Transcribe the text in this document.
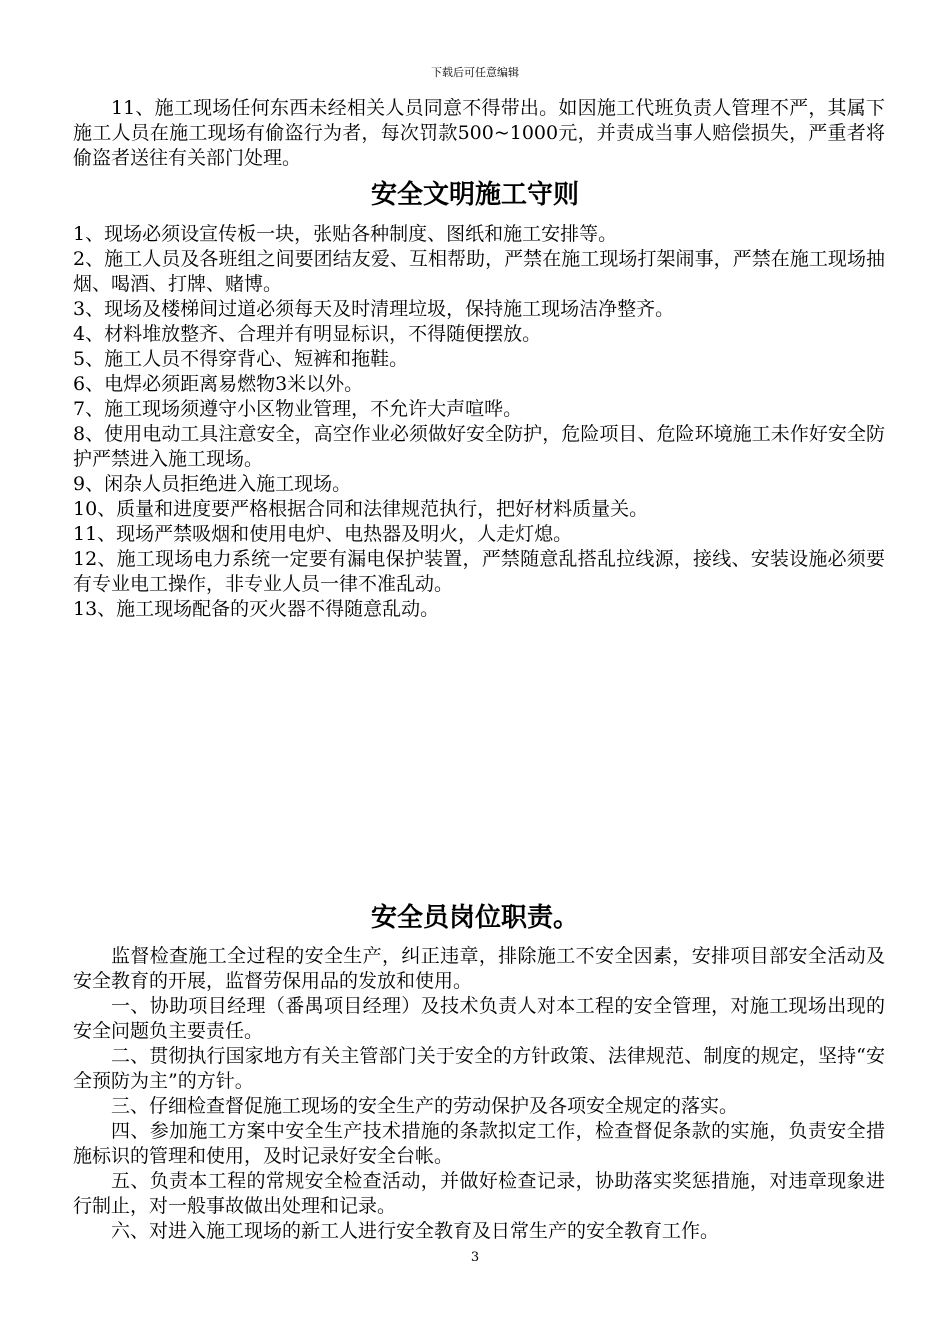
下载后可任意编辑

11、施工现场任何东西未经相关人员同意不得带出。如因施工代班负责人管理不严，其属下施工人员在施工现场有偷盗行为者，每次罚款500~1000元，并责成当事人赔偿损失，严重者将偷盗者送往有关部门处理。

安全文明施工守则

1、现场必须设宣传板一块，张贴各种制度、图纸和施工安排等。

2、施工人员及各班组之间要团结友爱、互相帮助，严禁在施工现场打架闹事，严禁在施工现场抽烟、喝酒、打牌、赌博。

3、现场及楼梯间过道必须每天及时清理垃圾，保持施工现场洁净整齐。

4、材料堆放整齐、合理并有明显标识，不得随便摆放。

5、施工人员不得穿背心、短裤和拖鞋。

6、电焊必须距离易燃物3米以外。

7、施工现场须遵守小区物业管理，不允许大声喧哗。

8、使用电动工具注意安全，高空作业必须做好安全防护，危险项目、危险环境施工未作好安全防护严禁进入施工现场。

9、闲杂人员拒绝进入施工现场。

10、质量和进度要严格根据合同和法律规范执行，把好材料质量关。

11、现场严禁吸烟和使用电炉、电热器及明火，人走灯熄。

12、施工现场电力系统一定要有漏电保护装置，严禁随意乱搭乱拉线源，接线、安装设施必须要有专业电工操作，非专业人员一律不准乱动。

13、施工现场配备的灭火器不得随意乱动。

安全员岗位职责。

监督检查施工全过程的安全生产，纠正违章，排除施工不安全因素，安排项目部安全活动及安全教育的开展，监督劳保用品的发放和使用。

一、协助项目经理（番禺项目经理）及技术负责人对本工程的安全管理，对施工现场出现的安全问题负主要责任。

二、贯彻执行国家地方有关主管部门关于安全的方针政策、法律规范、制度的规定，坚持“安全预防为主”的方针。

三、仔细检查督促施工现场的安全生产的劳动保护及各项安全规定的落实。

四、参加施工方案中安全生产技术措施的条款拟定工作，检查督促条款的实施，负责安全措施标识的管理和使用，及时记录好安全台帐。

五、负责本工程的常规安全检查活动，并做好检查记录，协助落实奖惩措施，对违章现象进行制止，对一般事故做出处理和记录。

六、对进入施工现场的新工人进行安全教育及日常生产的安全教育工作。

3
